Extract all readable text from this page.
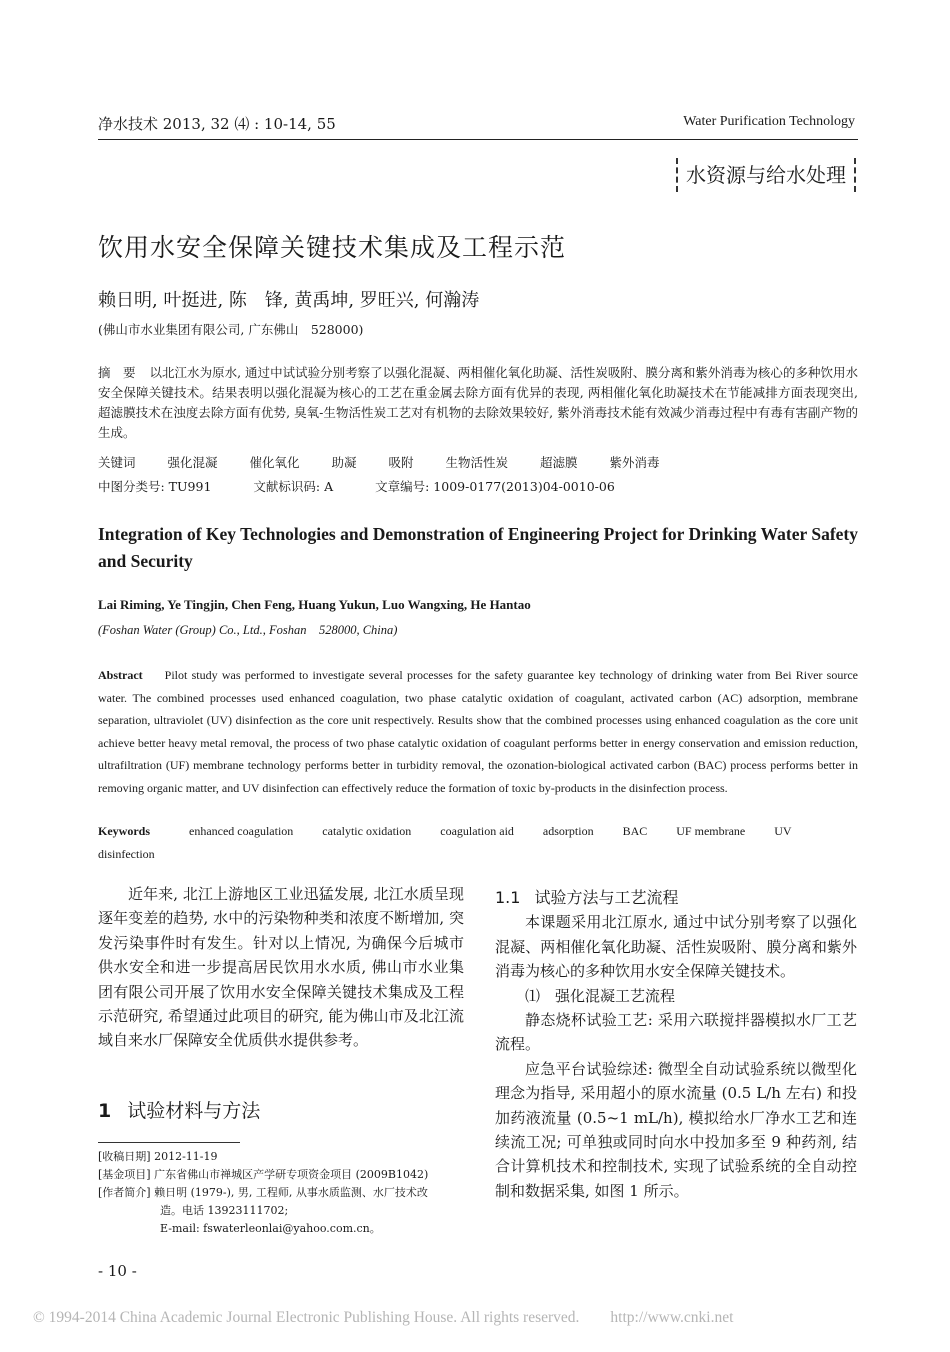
净水技术 2013, 32 ⑷ : 10-14, 55	Water Purification Technology
水资源与给水处理
饮用水安全保障关键技术集成及工程示范
赖日明, 叶挺进, 陈　锋, 黄禹坤, 罗旺兴, 何瀚涛
(佛山市水业集团有限公司, 广东佛山　528000)
摘　要 以北江水为原水, 通过中试试验分别考察了以强化混凝、两相催化氧化助凝、活性炭吸附、膜分离和紫外消毒为核心的多种饮用水安全保障关键技术。结果表明以强化混凝为核心的工艺在重金属去除方面有优异的表现, 两相催化氧化助凝技术在节能减排方面表现突出, 超滤膜技术在浊度去除方面有优势, 臭氧-生物活性炭工艺对有机物的去除效果较好, 紫外消毒技术能有效减少消毒过程中有毒有害副产物的生成。
关键词	强化混凝	催化氧化	助凝	吸附	生物活性炭	超滤膜	紫外消毒
中图分类号: TU991	文献标识码: A	文章编号: 1009-0177(2013)04-0010-06
Integration of Key Technologies and Demonstration of Engineering Project for Drinking Water Safety and Security
Lai Riming, Ye Tingjin, Chen Feng, Huang Yukun, Luo Wangxing, He Hantao
(Foshan Water (Group) Co., Ltd., Foshan　528000, China)
Abstract Pilot study was performed to investigate several processes for the safety guarantee key technology of drinking water from Bei River source water. The combined processes used enhanced coagulation, two phase catalytic oxidation of coagulant, activated carbon (AC) adsorption, membrane separation, ultraviolet (UV) disinfection as the core unit respectively. Results show that the combined processes using enhanced coagulation as the core unit achieve better heavy metal removal, the process of two phase catalytic oxidation of coagulant performs better in energy conservation and emission reduction, ultrafiltration (UF) membrane technology performs better in turbidity removal, the ozonation-biological activated carbon (BAC) process performs better in removing organic matter, and UV disinfection can effectively reduce the formation of toxic by-products in the disinfection process.
Keywords	enhanced coagulation catalytic oxidation coagulation aid adsorption BAC UF membrane UV disinfection

近年来, 北江上游地区工业迅猛发展, 北江水质呈现逐年变差的趋势, 水中的污染物种类和浓度不断增加, 突发污染事件时有发生。针对以上情况, 为确保今后城市供水安全和进一步提高居民饮用水水质, 佛山市水业集团有限公司开展了饮用水安全保障关键技术集成及工程示范研究, 希望通过此项目的研究, 能为佛山市及北江流域自来水厂保障安全优质供水提供参考。

1 试验材料与方法
[收稿日期] 2012-11-19
[基金项目] 广东省佛山市禅城区产学研专项资金项目 (2009B1042)
[作者简介] 赖日明 (1979-), 男, 工程师, 从事水质监测、水厂技术改
造。电话 13923111702;
E-mail: fswaterleonlai@yahoo.com.cn。

1.1 试验方法与工艺流程

本课题采用北江原水, 通过中试分别考察了以强化混凝、两相催化氧化助凝、活性炭吸附、膜分离和紫外消毒为核心的多种饮用水安全保障关键技术。

⑴　强化混凝工艺流程

静态烧杯试验工艺: 采用六联搅拌器模拟水厂工艺流程。

应急平台试验综述: 微型全自动试验系统以微型化理念为指导, 采用超小的原水流量 (0.5 L/h 左右) 和投加药液流量 (0.5~1 mL/h), 模拟给水厂净水工艺和连续流工况; 可单独或同时向水中投加多至 9 种药剂, 结合计算机技术和控制技术, 实现了试验系统的全自动控制和数据采集, 如图 1 所示。

- 10 -
© 1994-2014 China Academic Journal Electronic Publishing House. All rights reserved.　　http://www.cnki.net
